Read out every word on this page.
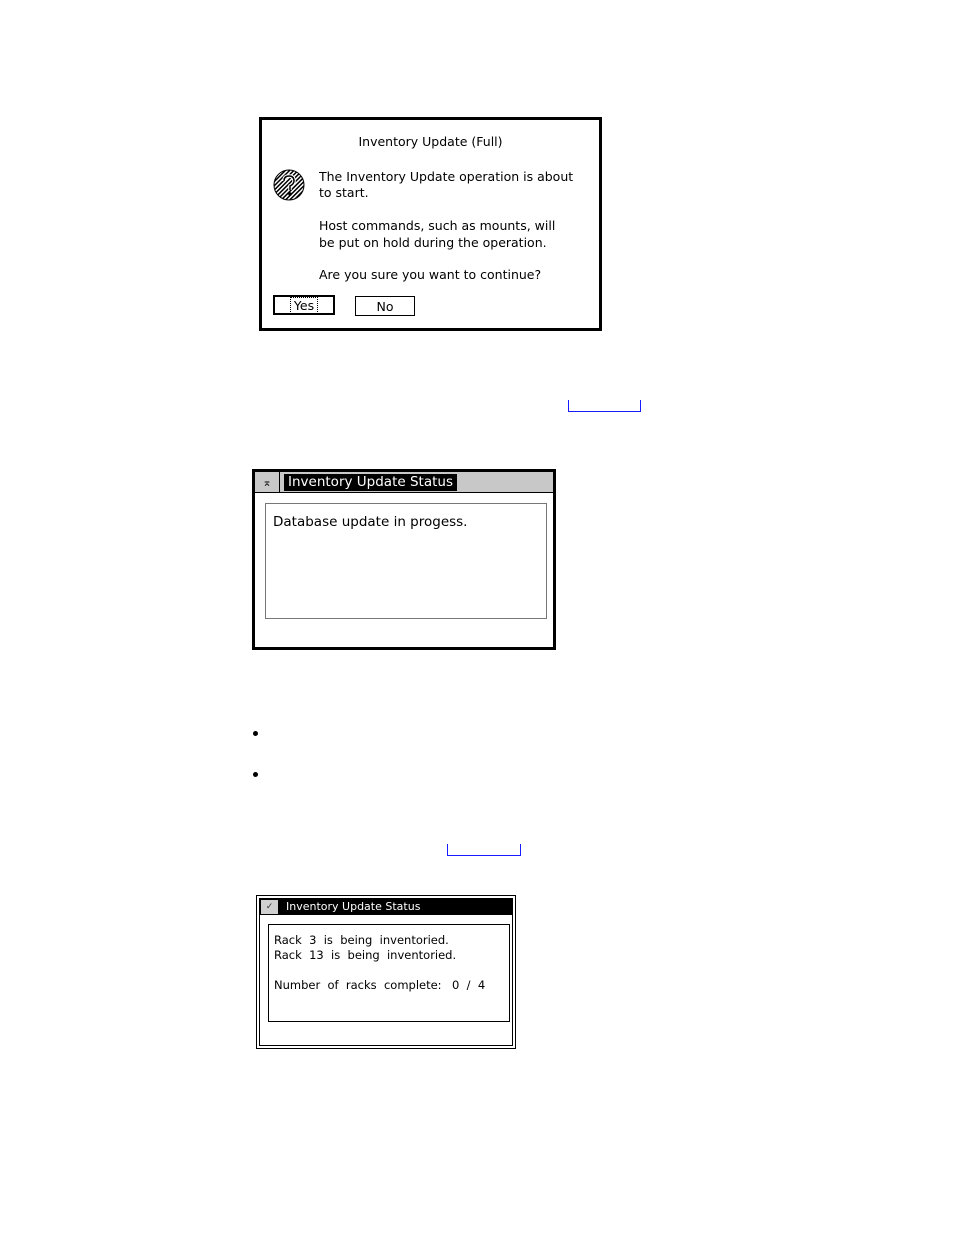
Inventory Update (Full)
The Inventory Update operation is about
to start.
Host commands, such as mounts, will
be put on hold during the operation.
Are you sure you want to continue?
Yes	No
⌅	Inventory Update Status
Database update in progess.
✓	Inventory Update Status
Rack  3  is  being  inventoried.
Rack  13  is  being  inventoried.
Number  of  racks  complete: 0  /  4
